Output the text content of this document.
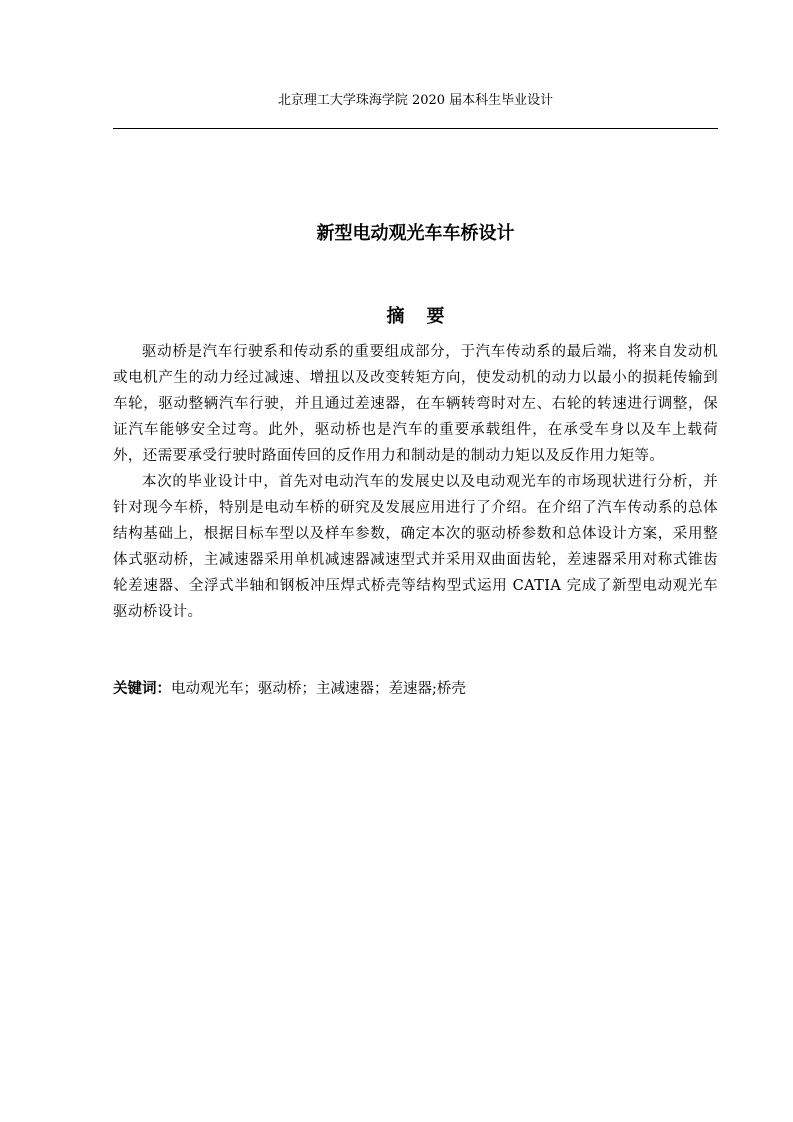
北京理工大学珠海学院 2020 届本科生毕业设计
新型电动观光车车桥设计
摘要

驱动桥是汽车行驶系和传动系的重要组成部分，于汽车传动系的最后端，将来自发动机或电机产生的动力经过减速、增扭以及改变转矩方向，使发动机的动力以最小的损耗传输到车轮，驱动整辆汽车行驶，并且通过差速器，在车辆转弯时对左、右轮的转速进行调整，保证汽车能够安全过弯。此外，驱动桥也是汽车的重要承载组件，在承受车身以及车上载荷外，还需要承受行驶时路面传回的反作用力和制动是的制动力矩以及反作用力矩等。

本次的毕业设计中，首先对电动汽车的发展史以及电动观光车的市场现状进行分析，并针对现今车桥，特别是电动车桥的研究及发展应用进行了介绍。在介绍了汽车传动系的总体结构基础上，根据目标车型以及样车参数，确定本次的驱动桥参数和总体设计方案，采用整体式驱动桥，主减速器采用单机减速器减速型式并采用双曲面齿轮，差速器采用对称式锥齿轮差速器、全浮式半轴和钢板冲压焊式桥壳等结构型式运用 CATIA 完成了新型电动观光车驱动桥设计。

关键词：电动观光车；驱动桥；主减速器；差速器;桥壳
